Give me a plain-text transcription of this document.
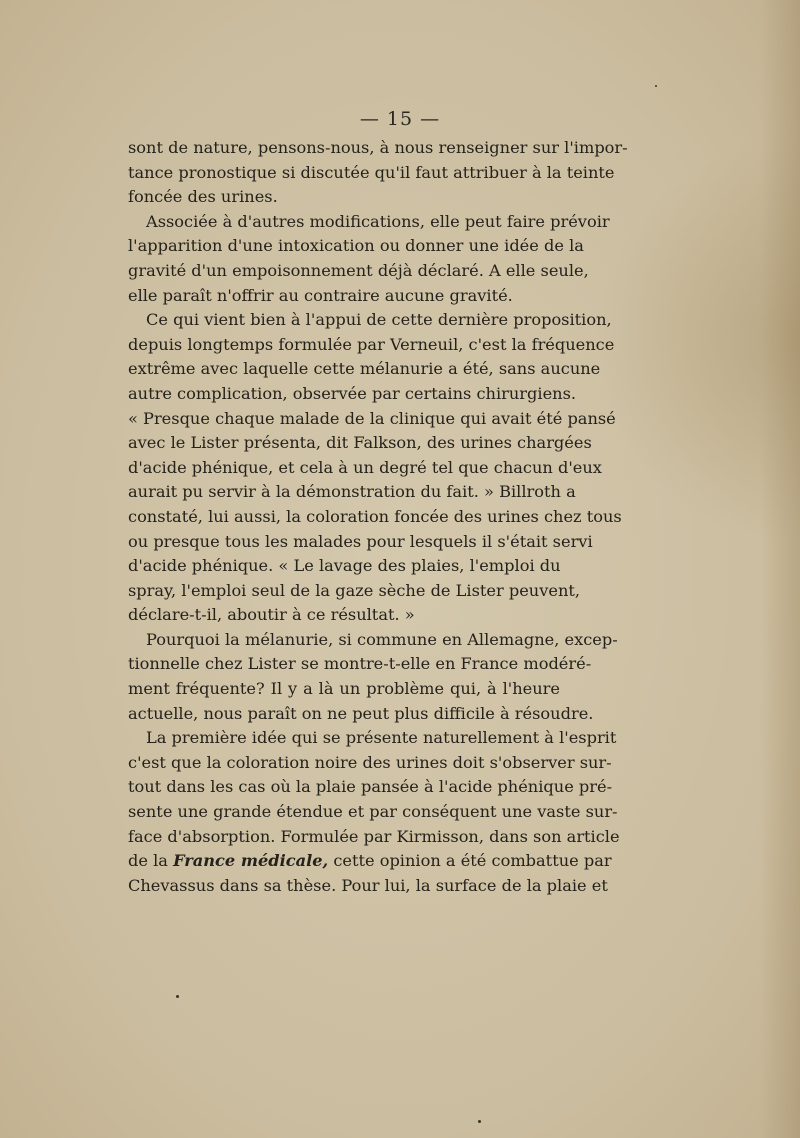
— 15 —
sont de nature, pensons-nous, à nous renseigner sur l'impor-
tance pronostique si discutée qu'il faut attribuer à la teinte
foncée des urines.
Associée à d'autres modifications, elle peut faire prévoir
l'apparition d'une intoxication ou donner une idée de la
gravité d'un empoisonnement déjà déclaré. A elle seule,
elle paraît n'offrir au contraire aucune gravité.
Ce qui vient bien à l'appui de cette dernière proposition,
depuis longtemps formulée par Verneuil, c'est la fréquence
extrême avec laquelle cette mélanurie a été, sans aucune
autre complication, observée par certains chirurgiens.
« Presque chaque malade de la clinique qui avait été pansé
avec le Lister présenta, dit Falkson, des urines chargées
d'acide phénique, et cela à un degré tel que chacun d'eux
aurait pu servir à la démonstration du fait. » Billroth a
constaté, lui aussi, la coloration foncée des urines chez tous
ou presque tous les malades pour lesquels il s'était servi
d'acide phénique. « Le lavage des plaies, l'emploi du
spray, l'emploi seul de la gaze sèche de Lister peuvent,
déclare-t-il, aboutir à ce résultat. »
Pourquoi la mélanurie, si commune en Allemagne, excep-
tionnelle chez Lister se montre-t-elle en France modéré-
ment fréquente? Il y a là un problème qui, à l'heure
actuelle, nous paraît on ne peut plus difficile à résoudre.
La première idée qui se présente naturellement à l'esprit
c'est que la coloration noire des urines doit s'observer sur-
tout dans les cas où la plaie pansée à l'acide phénique pré-
sente une grande étendue et par conséquent une vaste sur-
face d'absorption. Formulée par Kirmisson, dans son article
de la France médicale, cette opinion a été combattue par
Chevassus dans sa thèse. Pour lui, la surface de la plaie et
